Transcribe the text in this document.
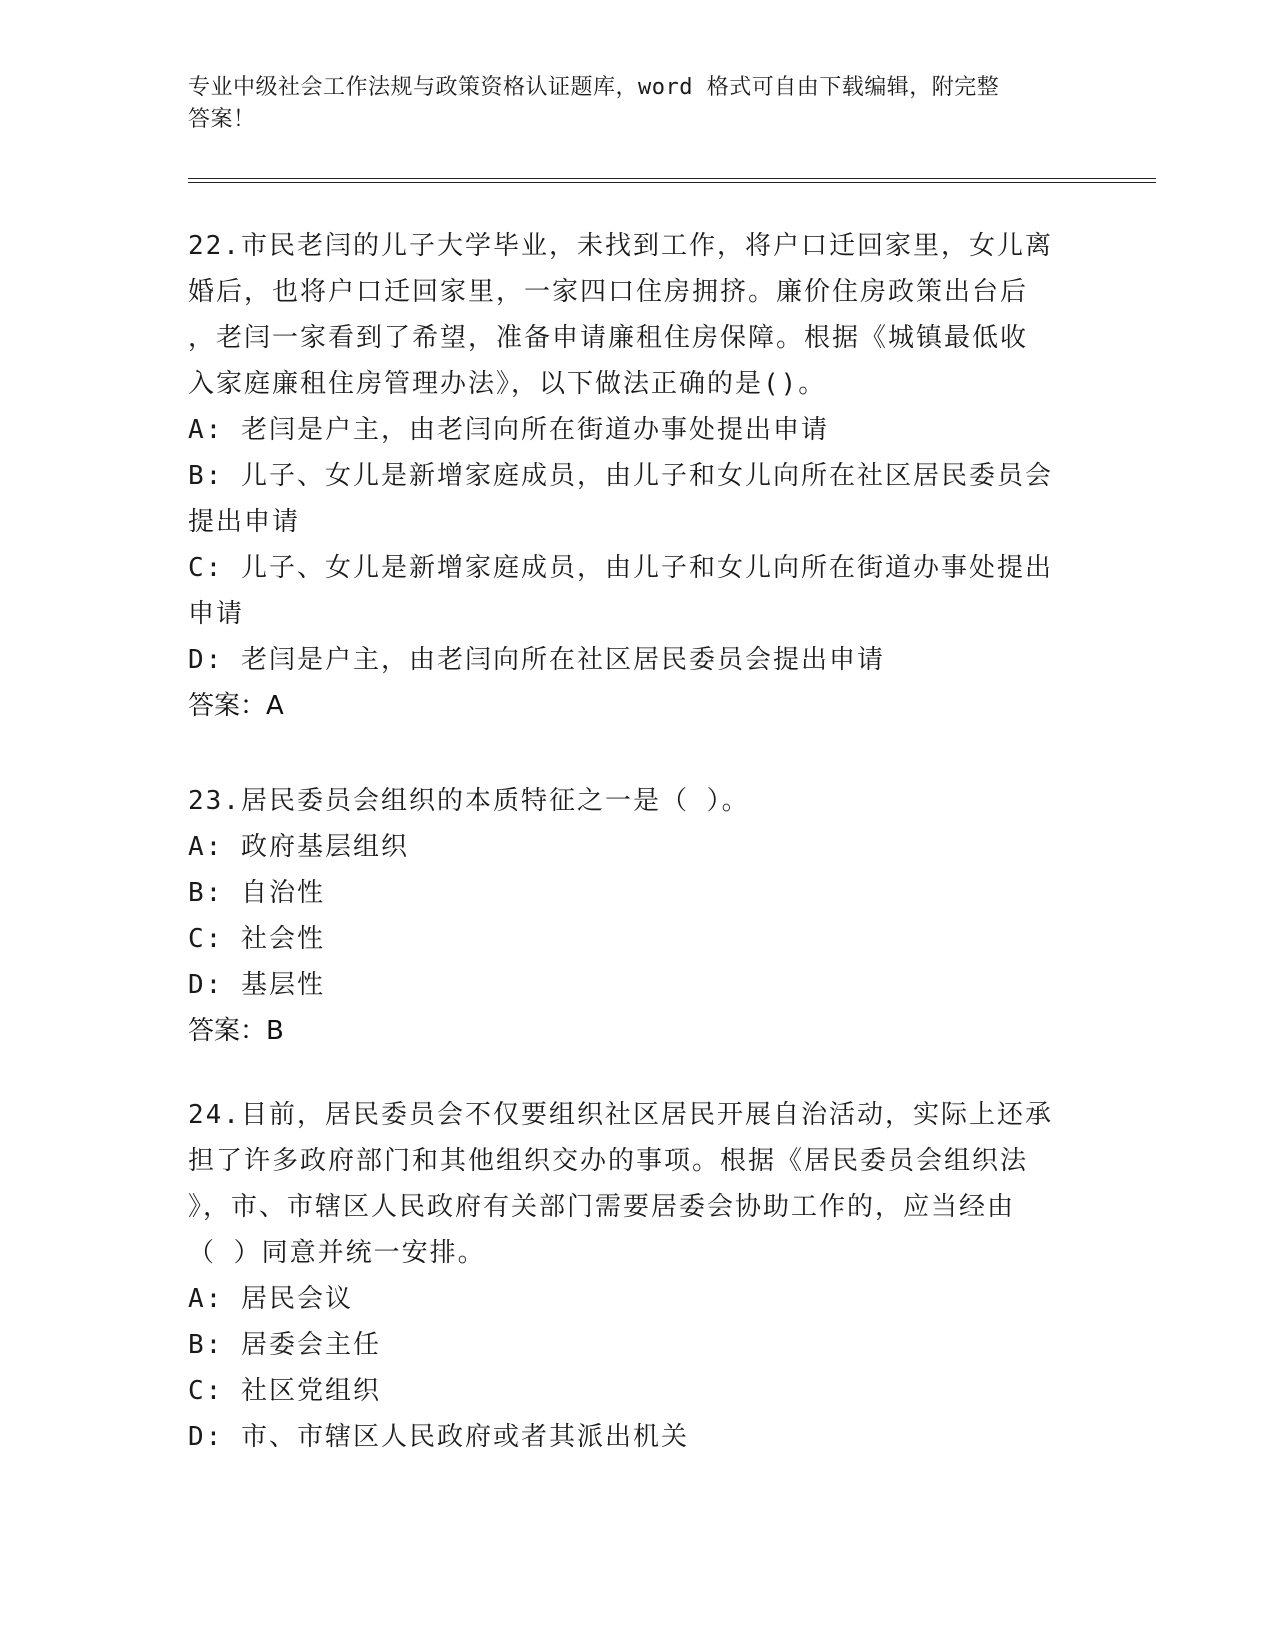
专业中级社会工作法规与政策资格认证题库，word 格式可自由下载编辑，附完整
答案！
22.市民老闫的儿子大学毕业，未找到工作，将户口迁回家里，女儿离
婚后，也将户口迁回家里，一家四口住房拥挤。廉价住房政策出台后
，老闫一家看到了希望，准备申请廉租住房保障。根据《城镇最低收
入家庭廉租住房管理办法》，以下做法正确的是()。
A: 老闫是户主，由老闫向所在街道办事处提出申请
B: 儿子、女儿是新增家庭成员，由儿子和女儿向所在社区居民委员会
提出申请
C: 儿子、女儿是新增家庭成员，由儿子和女儿向所在街道办事处提出
申请
D: 老闫是户主，由老闫向所在社区居民委员会提出申请
答案：A
23.居民委员会组织的本质特征之一是（ ）。
A: 政府基层组织
B: 自治性
C: 社会性
D: 基层性
答案：B
24.目前，居民委员会不仅要组织社区居民开展自治活动，实际上还承
担了许多政府部门和其他组织交办的事项。根据《居民委员会组织法
》，市、市辖区人民政府有关部门需要居委会协助工作的，应当经由
（ ）同意并统一安排。
A: 居民会议
B: 居委会主任
C: 社区党组织
D: 市、市辖区人民政府或者其派出机关
